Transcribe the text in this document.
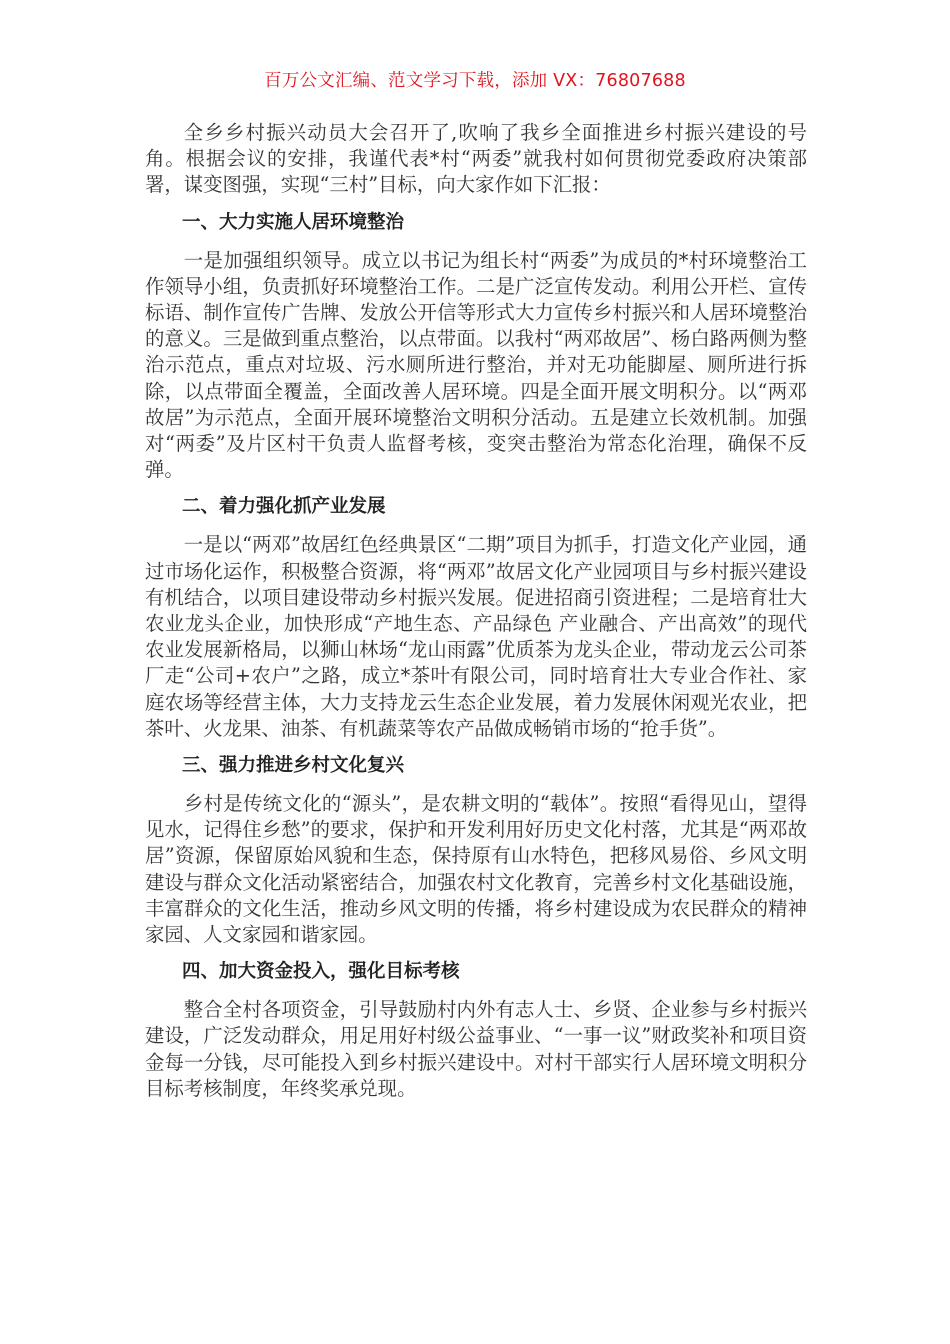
百万公文汇编、范文学习下载，添加 VX：76807688

全乡乡村振兴动员大会召开了,吹响了我乡全面推进乡村振兴建设的号角。根据会议的安排，我谨代表*村“两委”就我村如何贯彻党委政府决策部署，谋变图强，实现“三村”目标，向大家作如下汇报：

一、大力实施人居环境整治

一是加强组织领导。成立以书记为组长村“两委”为成员的*村环境整治工作领导小组，负责抓好环境整治工作。二是广泛宣传发动。利用公开栏、宣传标语、制作宣传广告牌、发放公开信等形式大力宣传乡村振兴和人居环境整治的意义。三是做到重点整治，以点带面。以我村“两邓故居”、杨白路两侧为整治示范点，重点对垃圾、污水厕所进行整治，并对无功能脚屋、厕所进行拆除，以点带面全覆盖，全面改善人居环境。四是全面开展文明积分。以“两邓故居”为示范点，全面开展环境整治文明积分活动。五是建立长效机制。加强对“两委”及片区村干负责人监督考核，变突击整治为常态化治理，确保不反弹。

二、着力强化抓产业发展

一是以“两邓”故居红色经典景区“二期”项目为抓手，打造文化产业园，通过市场化运作，积极整合资源，将“两邓”故居文化产业园项目与乡村振兴建设有机结合，以项目建设带动乡村振兴发展。促进招商引资进程；二是培育壮大农业龙头企业，加快形成“产地生态、产品绿色 产业融合、产出高效”的现代农业发展新格局，以狮山林场“龙山雨露”优质茶为龙头企业，带动龙云公司茶厂走“公司+农户”之路，成立*茶叶有限公司，同时培育壮大专业合作社、家庭农场等经营主体，大力支持龙云生态企业发展，着力发展休闲观光农业，把茶叶、火龙果、油茶、有机蔬菜等农产品做成畅销市场的“抢手货”。

三、强力推进乡村文化复兴

乡村是传统文化的“源头”，是农耕文明的“载体”。按照“看得见山，望得见水，记得住乡愁”的要求，保护和开发利用好历史文化村落，尤其是“两邓故居”资源，保留原始风貌和生态，保持原有山水特色，把移风易俗、乡风文明建设与群众文化活动紧密结合，加强农村文化教育，完善乡村文化基础设施，丰富群众的文化生活，推动乡风文明的传播，将乡村建设成为农民群众的精神家园、人文家园和谐家园。

四、加大资金投入，强化目标考核

整合全村各项资金，引导鼓励村内外有志人士、乡贤、企业参与乡村振兴建设，广泛发动群众，用足用好村级公益事业、“一事一议”财政奖补和项目资金每一分钱，尽可能投入到乡村振兴建设中。对村干部实行人居环境文明积分目标考核制度，年终奖承兑现。
